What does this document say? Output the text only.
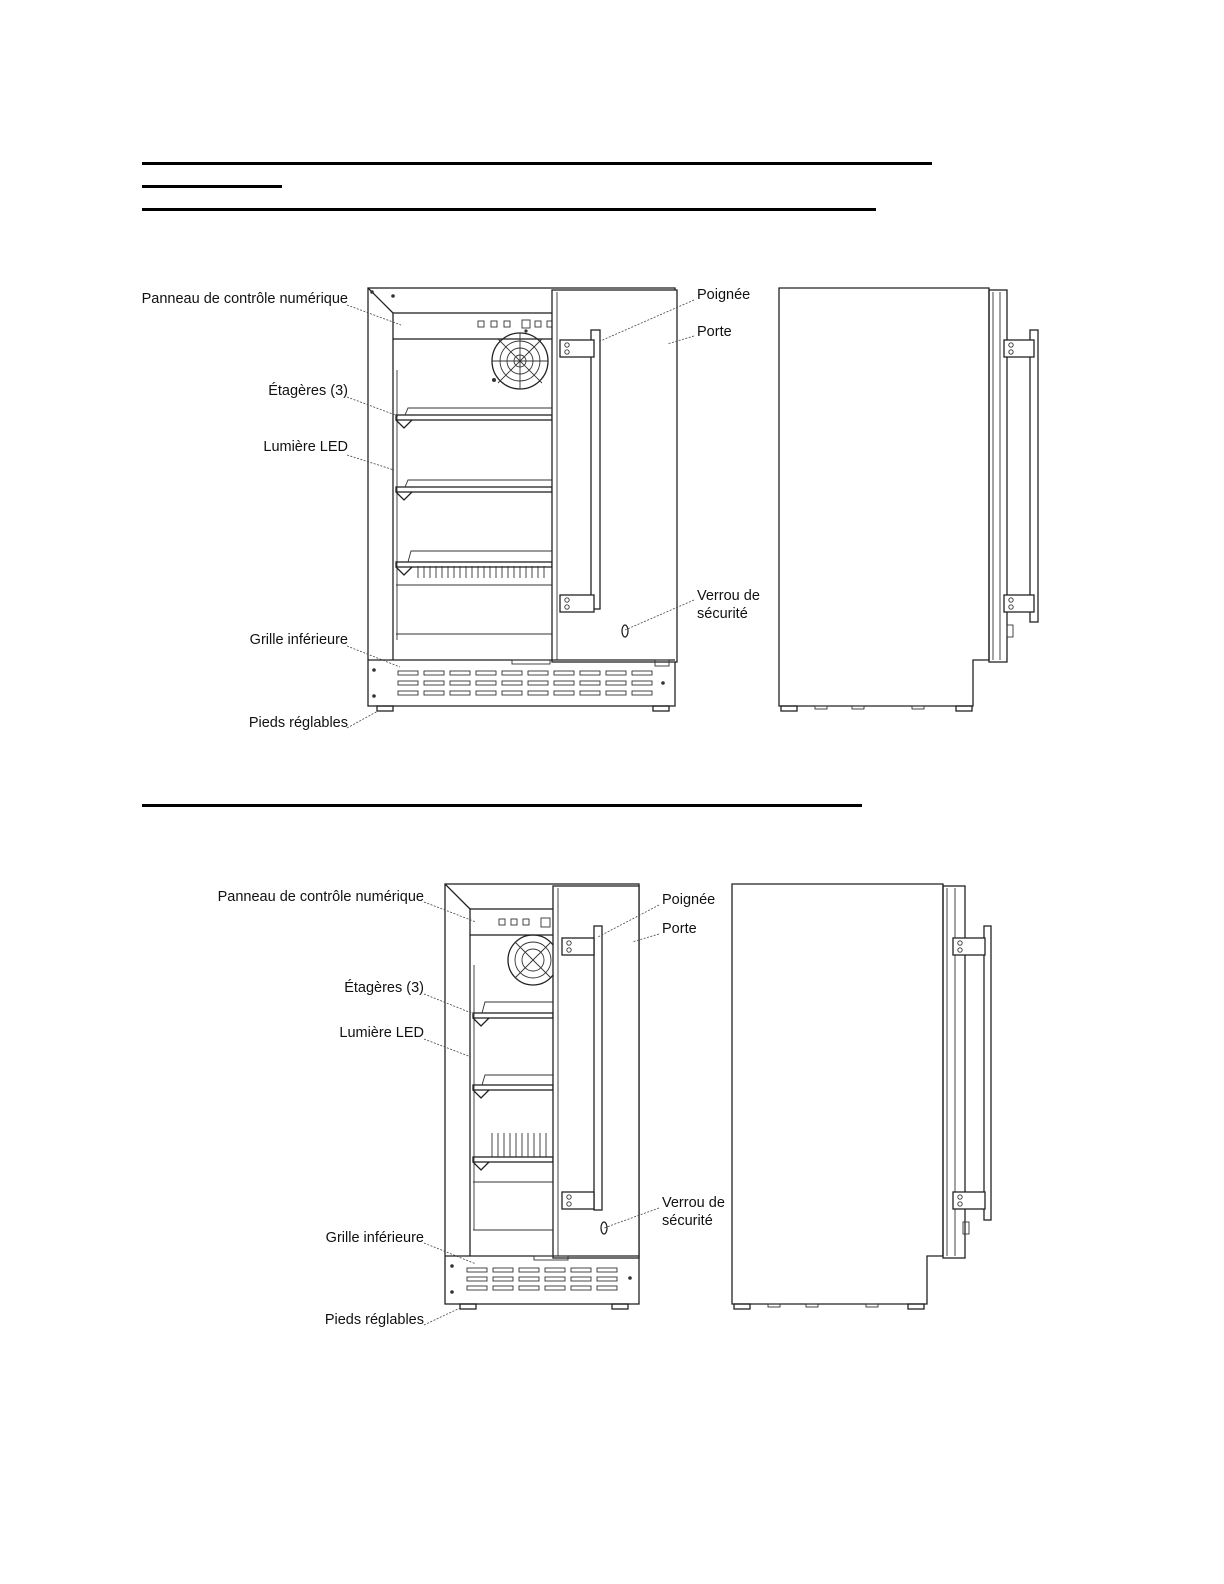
Panneau de contrôle numérique
Étagères (3)
Lumière LED
Grille inférieure
Pieds réglables
Poignée
Porte
Verrou de sécurité
Panneau de contrôle numérique
Étagères (3)
Lumière LED
Grille inférieure
Pieds réglables
Poignée
Porte
Verrou de sécurité
